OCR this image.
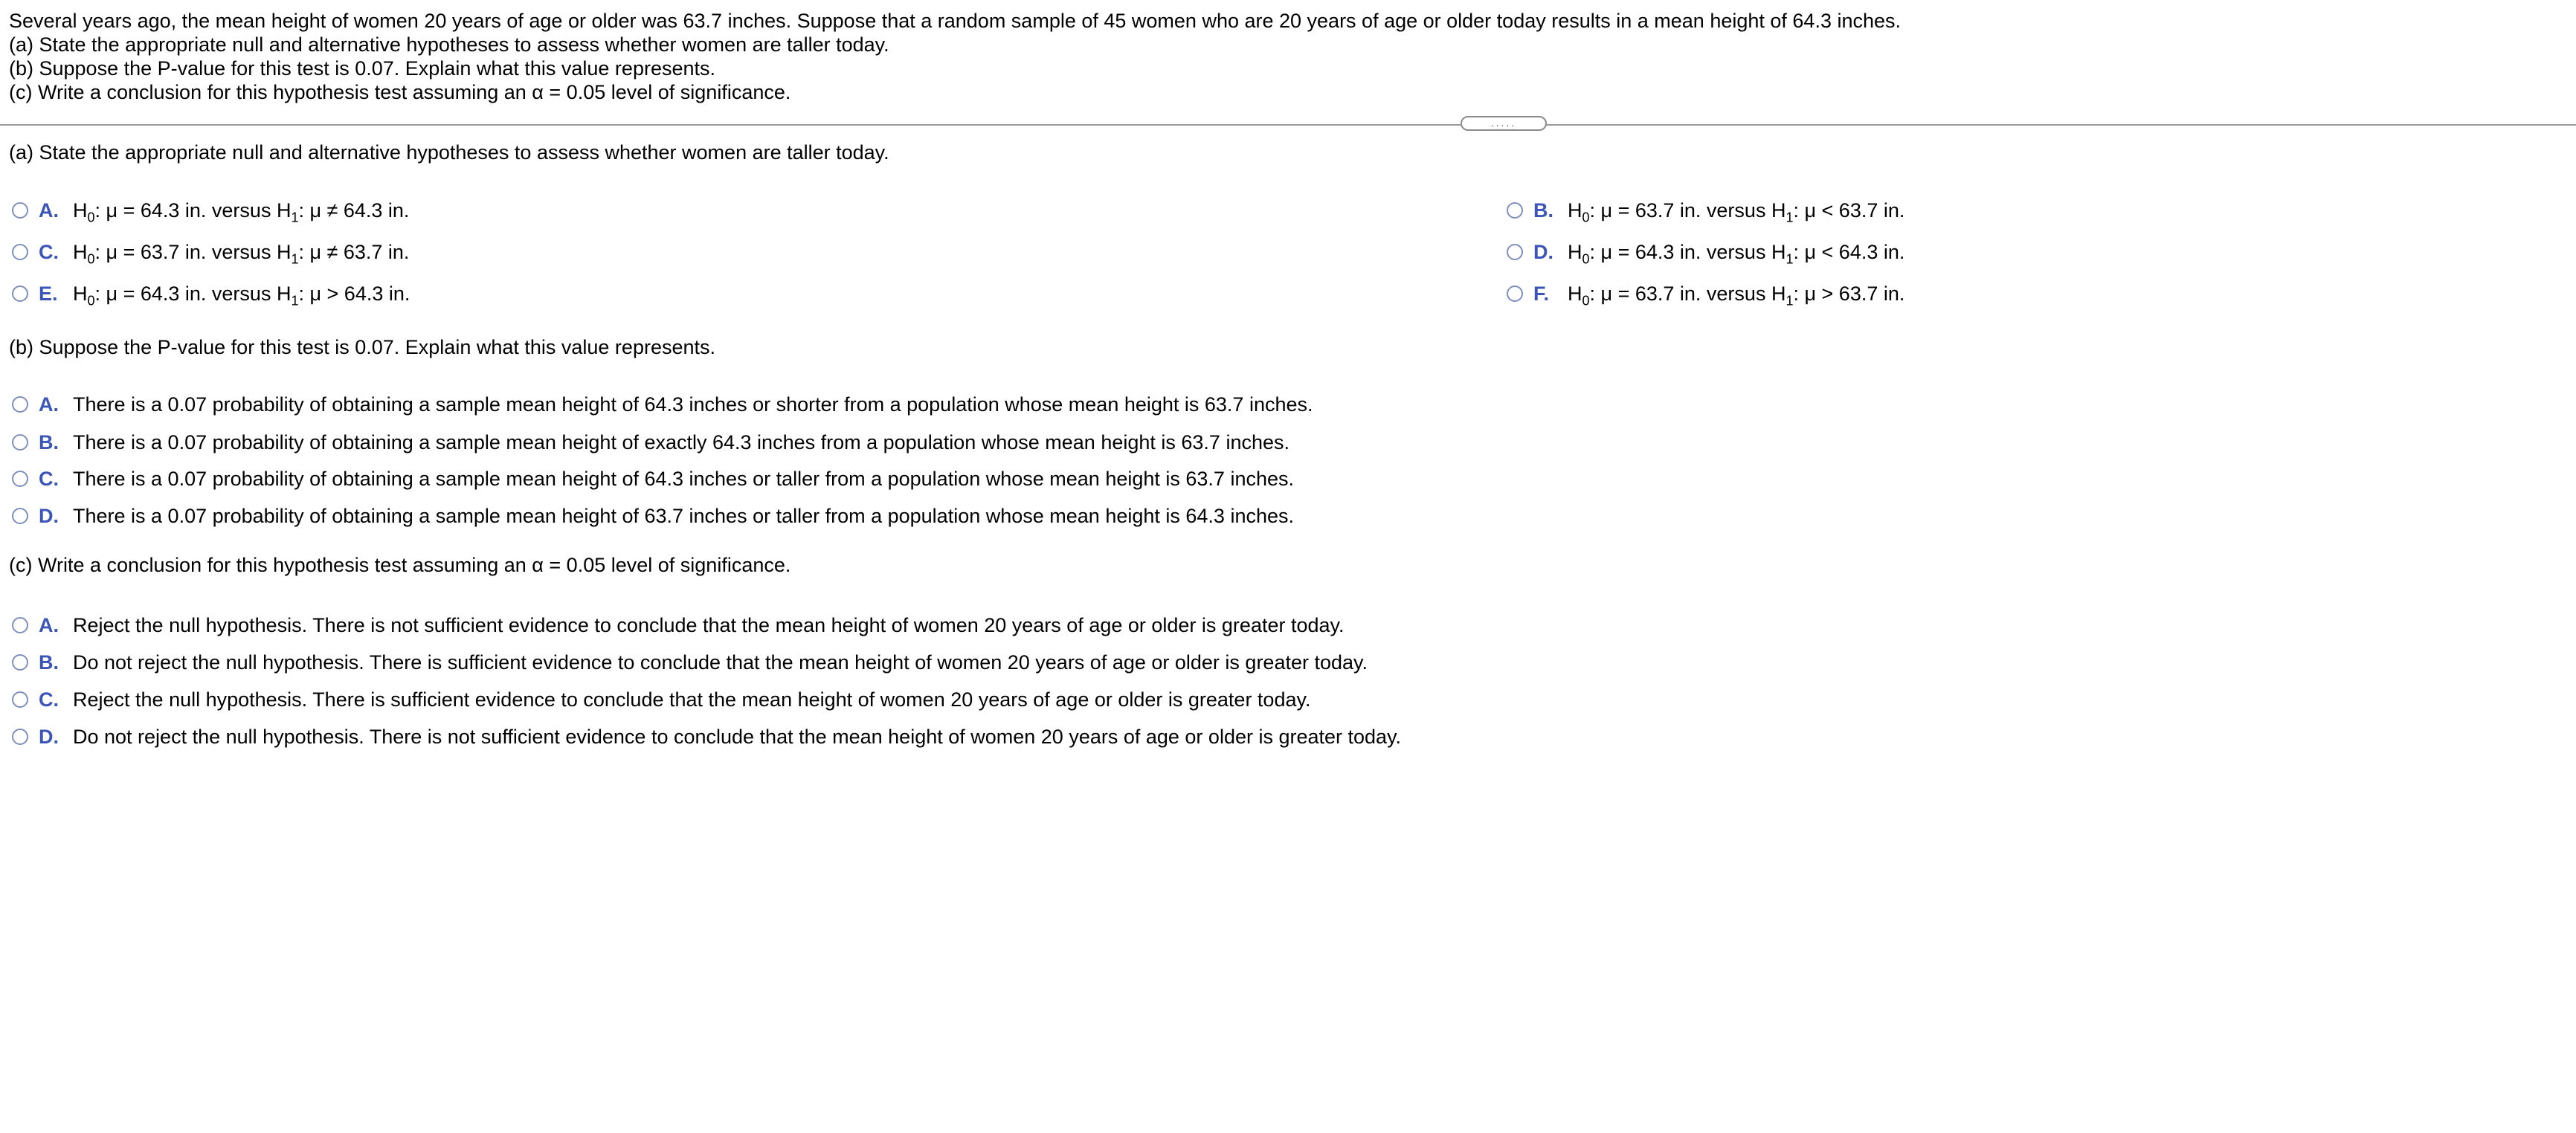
Several years ago, the mean height of women 20 years of age or older was 63.7 inches. Suppose that a random sample of 45 women who are 20 years of age or older today results in a mean height of 64.3 inches.
(a) State the appropriate null and alternative hypotheses to assess whether women are taller today.
(b) Suppose the P-value for this test is 0.07. Explain what this value represents.
(c) Write a conclusion for this hypothesis test assuming an α = 0.05 level of significance.
.....
(a) State the appropriate null and alternative hypotheses to assess whether women are taller today.
A. $H_0$: μ = 64.3 in. versus $H_1$: μ ≠ 64.3 in.	B. $H_0$: μ = 63.7 in. versus $H_1$: μ < 63.7 in.
C. $H_0$: μ = 63.7 in. versus $H_1$: μ ≠ 63.7 in.	D. $H_0$: μ = 64.3 in. versus $H_1$: μ < 64.3 in.
E. $H_0$: μ = 64.3 in. versus $H_1$: μ > 64.3 in.	F. $H_0$: μ = 63.7 in. versus $H_1$: μ > 63.7 in.
(b) Suppose the P-value for this test is 0.07. Explain what this value represents.
A. There is a 0.07 probability of obtaining a sample mean height of 64.3 inches or shorter from a population whose mean height is 63.7 inches.
B. There is a 0.07 probability of obtaining a sample mean height of exactly 64.3 inches from a population whose mean height is 63.7 inches.
C. There is a 0.07 probability of obtaining a sample mean height of 64.3 inches or taller from a population whose mean height is 63.7 inches.
D. There is a 0.07 probability of obtaining a sample mean height of 63.7 inches or taller from a population whose mean height is 64.3 inches.
(c) Write a conclusion for this hypothesis test assuming an α = 0.05 level of significance.
A. Reject the null hypothesis. There is not sufficient evidence to conclude that the mean height of women 20 years of age or older is greater today.
B. Do not reject the null hypothesis. There is sufficient evidence to conclude that the mean height of women 20 years of age or older is greater today.
C. Reject the null hypothesis. There is sufficient evidence to conclude that the mean height of women 20 years of age or older is greater today.
D. Do not reject the null hypothesis. There is not sufficient evidence to conclude that the mean height of women 20 years of age or older is greater today.
